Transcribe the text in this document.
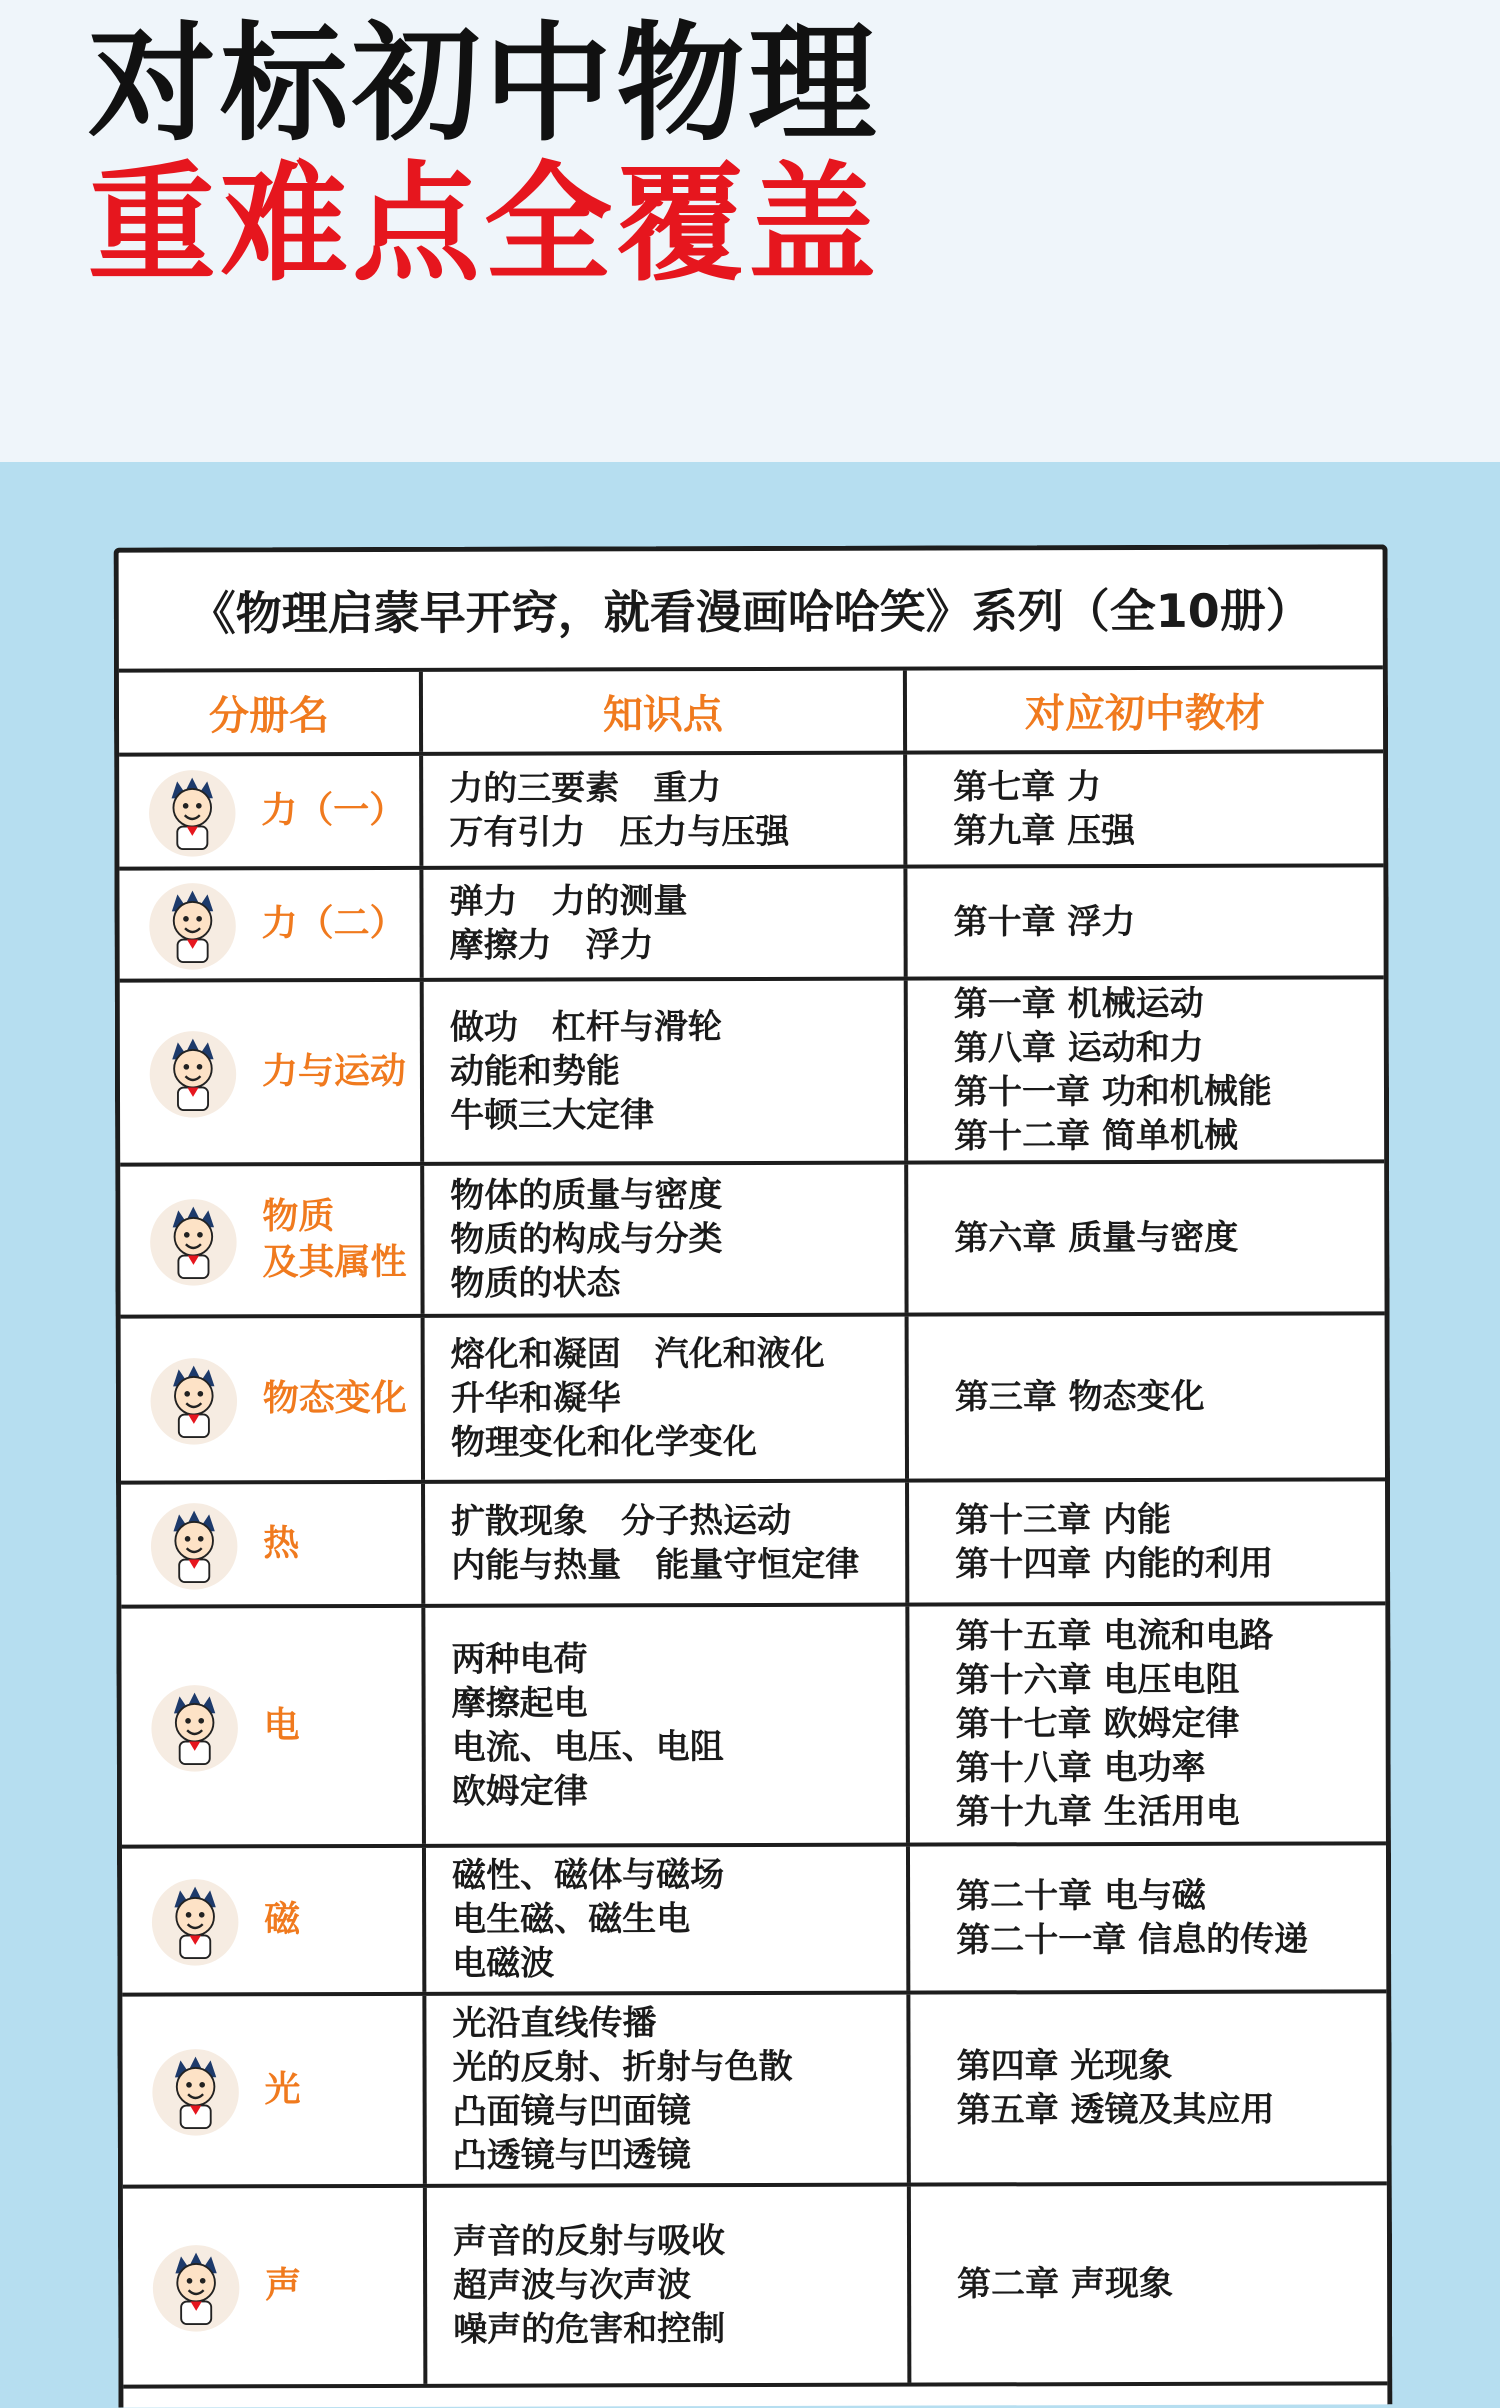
对标初中物理
重难点全覆盖
《物理启蒙早开窍，就看漫画哈哈笑》系列（全10册）
分册名	知识点	对应初中教材
力（一）
力的三要素　重力
万有引力　压力与压强
第七章 力
第九章 压强
力（二）
弹力　力的测量
摩擦力　浮力
第十章 浮力
力与运动
做功　杠杆与滑轮
动能和势能
牛顿三大定律
第一章 机械运动
第八章 运动和力
第十一章 功和机械能
第十二章 简单机械
物质
及其属性
物体的质量与密度
物质的构成与分类
物质的状态
第六章 质量与密度
物态变化
熔化和凝固　汽化和液化
升华和凝华
物理变化和化学变化
第三章 物态变化
热
扩散现象　分子热运动
内能与热量　能量守恒定律
第十三章 内能
第十四章 内能的利用
电
两种电荷
摩擦起电
电流、电压、电阻
欧姆定律
第十五章 电流和电路
第十六章 电压电阻
第十七章 欧姆定律
第十八章 电功率
第十九章 生活用电
磁
磁性、磁体与磁场
电生磁、磁生电
电磁波
第二十章 电与磁
第二十一章 信息的传递
光
光沿直线传播
光的反射、折射与色散
凸面镜与凹面镜
凸透镜与凹透镜
第四章 光现象
第五章 透镜及其应用
声
声音的反射与吸收
超声波与次声波
噪声的危害和控制
第二章 声现象
